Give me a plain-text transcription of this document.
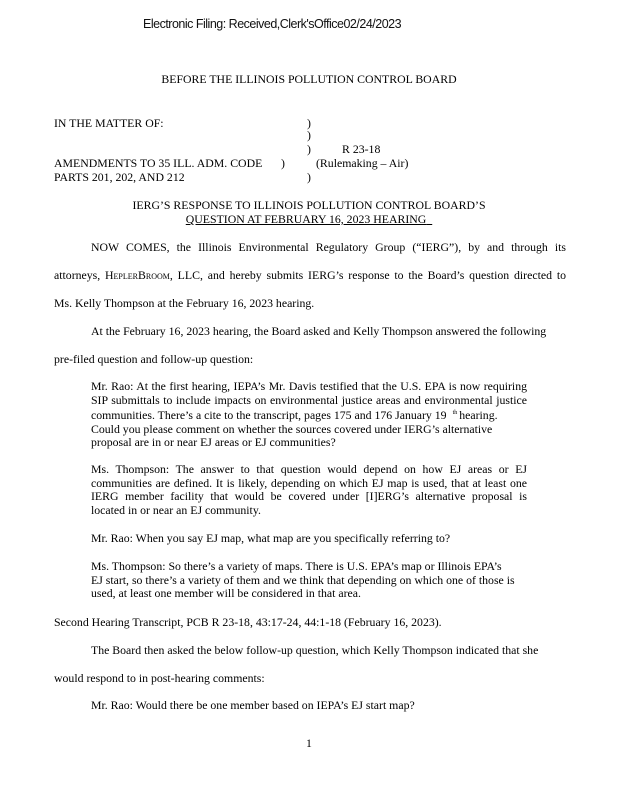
Electronic Filing: Received,Clerk'sOffice02/24/2023
BEFORE THE ILLINOIS POLLUTION CONTROL BOARD
IN THE MATTER OF:	)
)
)	R 23-18
AMENDMENTS TO 35 ILL. ADM. CODE )	(Rulemaking – Air)
PARTS 201, 202, AND 212	)
IERG’S RESPONSE TO ILLINOIS POLLUTION CONTROL BOARD’S
QUESTION AT FEBRUARY 16, 2023 HEARING
NOW COMES, the Illinois Environmental Regulatory Group (“IERG”), by and through its
attorneys, HeplerBroom, LLC, and hereby submits IERG’s response to the Board’s question directed to
Ms. Kelly Thompson at the February 16, 2023 hearing.
At the February 16, 2023 hearing, the Board asked and Kelly Thompson answered the following
pre-filed question and follow-up question:

Mr. Rao: At the first hearing, IEPA’s Mr. Davis testified that the U.S. EPA is now requiring

SIP submittals to include impacts on environmental justice areas and environmental justice

communities. There’s a cite to the transcript, pages 175 and 176 January 19 $^{th}$ hearing.

Could you please comment on whether the sources covered under IERG’s alternative

proposal are in or near EJ areas or EJ communities?

Ms. Thompson: The answer to that question would depend on how EJ areas or EJ

communities are defined. It is likely, depending on which EJ map is used, that at least one

IERG member facility that would be covered under [I]ERG’s alternative proposal is

located in or near an EJ community.

Mr. Rao: When you say EJ map, what map are you specifically referring to?

Ms. Thompson: So there’s a variety of maps. There is U.S. EPA’s map or Illinois EPA’s

EJ start, so there’s a variety of them and we think that depending on which one of those is

used, at least one member will be considered in that area.

Second Hearing Transcript, PCB R 23-18, 43:17-24, 44:1-18 (February 16, 2023).
The Board then asked the below follow-up question, which Kelly Thompson indicated that she
would respond to in post-hearing comments:
Mr. Rao: Would there be one member based on IEPA’s EJ start map?
1
